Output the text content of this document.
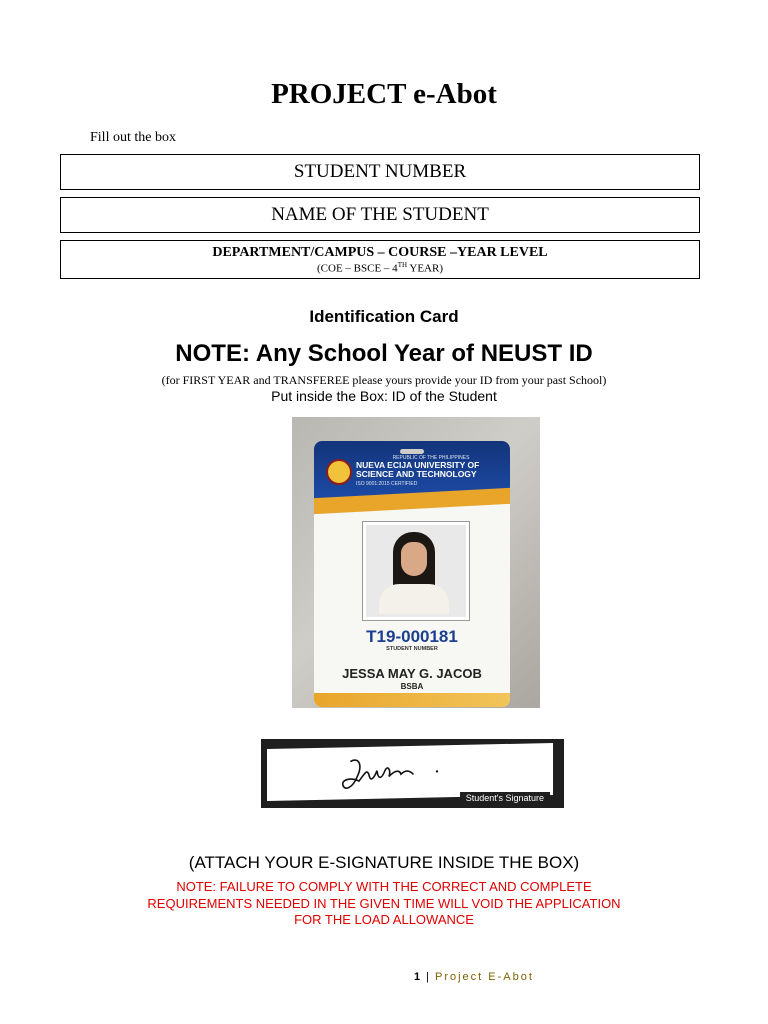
PROJECT e-Abot
Fill out the box
STUDENT NUMBER
NAME OF THE STUDENT
DEPARTMENT/CAMPUS – COURSE –YEAR LEVEL
(COE – BSCE – 4TH YEAR)
Identification Card
NOTE: Any School Year of NEUST ID
(for FIRST YEAR and TRANSFEREE please yours provide your ID from your past School)
Put inside the Box: ID of the Student
REPUBLIC OF THE PHILIPPINES
NUEVA ECIJA UNIVERSITY OF SCIENCE AND TECHNOLOGY
ISO 9001:2015 CERTIFIED
T19-000181
STUDENT NUMBER
JESSA MAY G. JACOB
BSBA
Student's Signature
(ATTACH YOUR E-SIGNATURE INSIDE THE BOX)
NOTE: FAILURE TO COMPLY WITH THE CORRECT AND COMPLETE
REQUIREMENTS NEEDED IN THE GIVEN TIME WILL VOID THE APPLICATION
FOR THE LOAD ALLOWANCE
1 | Project E-Abot
